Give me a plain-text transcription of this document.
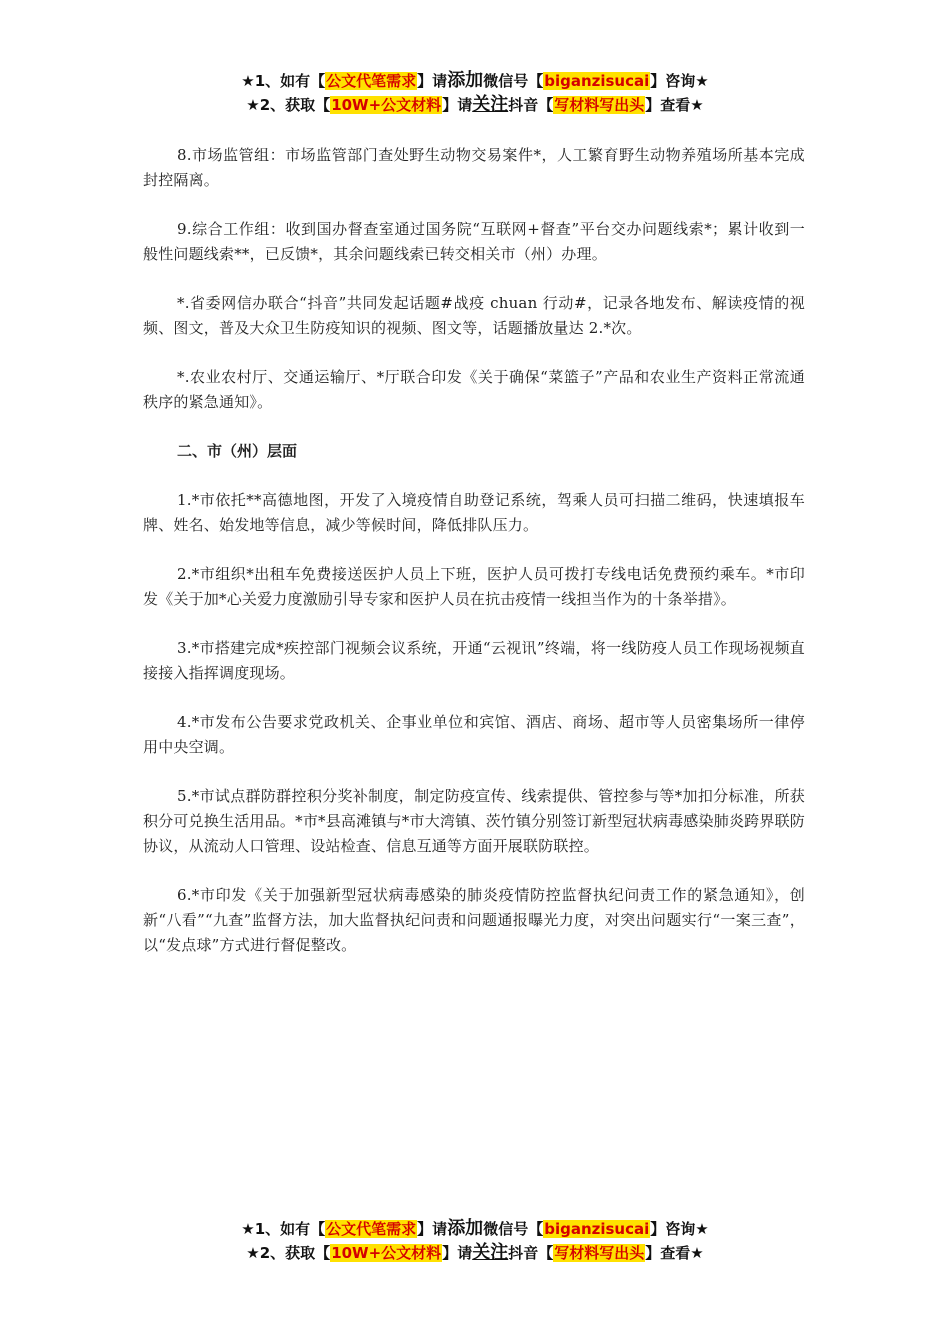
★1、如有【公文代笔需求】请添加微信号【biganzisucai】咨询★
★2、获取【10W+公文材料】请关注抖音【写材料写出头】查看★

8.市场监管组：市场监管部门查处野生动物交易案件*，人工繁育野生动物养殖场所基本完成封控隔离。

9.综合工作组：收到国办督查室通过国务院“互联网+督查”平台交办问题线索*；累计收到一般性问题线索**，已反馈*，其余问题线索已转交相关市（州）办理。

*.省委网信办联合“抖音”共同发起话题#战疫 chuan 行动#，记录各地发布、解读疫情的视频、图文，普及大众卫生防疫知识的视频、图文等，话题播放量达 2.*次。

*.农业农村厅、交通运输厅、*厅联合印发《关于确保“菜篮子”产品和农业生产资料正常流通秩序的紧急通知》。

二、市（州）层面

1.*市依托**高德地图，开发了入境疫情自助登记系统，驾乘人员可扫描二维码，快速填报车牌、姓名、始发地等信息，减少等候时间，降低排队压力。

2.*市组织*出租车免费接送医护人员上下班，医护人员可拨打专线电话免费预约乘车。*市印发《关于加*心关爱力度激励引导专家和医护人员在抗击疫情一线担当作为的十条举措》。

3.*市搭建完成*疾控部门视频会议系统，开通“云视讯”终端，将一线防疫人员工作现场视频直接接入指挥调度现场。

4.*市发布公告要求党政机关、企事业单位和宾馆、酒店、商场、超市等人员密集场所一律停用中央空调。

5.*市试点群防群控积分奖补制度，制定防疫宣传、线索提供、管控参与等*加扣分标准，所获积分可兑换生活用品。*市*县高滩镇与*市大湾镇、茨竹镇分别签订新型冠状病毒感染肺炎跨界联防协议，从流动人口管理、设站检查、信息互通等方面开展联防联控。

6.*市印发《关于加强新型冠状病毒感染的肺炎疫情防控监督执纪问责工作的紧急通知》，创新“八看”“九查”监督方法，加大监督执纪问责和问题通报曝光力度，对突出问题实行“一案三查”，以“发点球”方式进行督促整改。

★1、如有【公文代笔需求】请添加微信号【biganzisucai】咨询★
★2、获取【10W+公文材料】请关注抖音【写材料写出头】查看★
